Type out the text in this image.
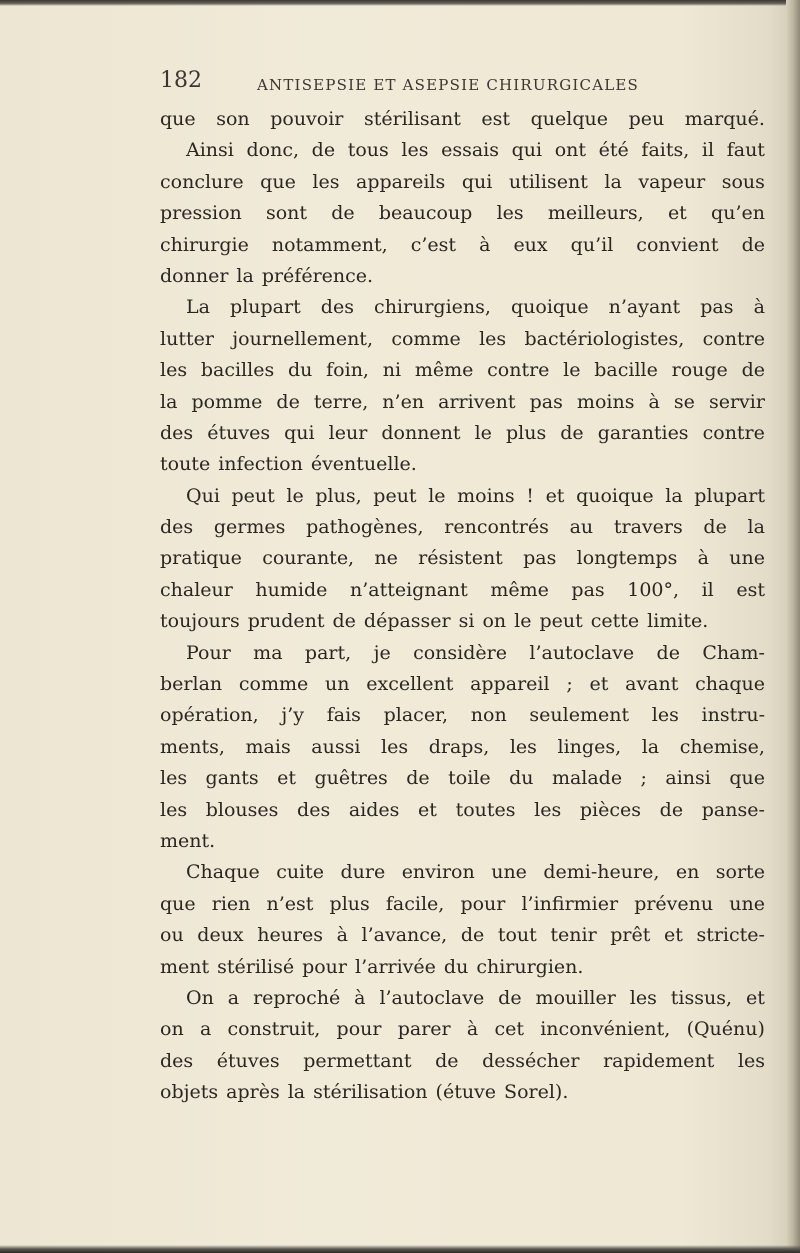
182	ANTISEPSIE ET ASEPSIE CHIRURGICALES
que son pouvoir stérilisant est quelque peu marqué.
Ainsi donc, de tous les essais qui ont été faits, il faut
conclure que les appareils qui utilisent la vapeur sous
pression sont de beaucoup les meilleurs, et qu’en
chirurgie notamment, c’est à eux qu’il convient de
donner la préférence.
La plupart des chirurgiens, quoique n’ayant pas à
lutter journellement, comme les bactériologistes, contre
les bacilles du foin, ni même contre le bacille rouge de
la pomme de terre, n’en arrivent pas moins à se servir
des étuves qui leur donnent le plus de garanties contre
toute infection éventuelle.
Qui peut le plus, peut le moins ! et quoique la plupart
des germes pathogènes, rencontrés au travers de la
pratique courante, ne résistent pas longtemps à une
chaleur humide n’atteignant même pas 100°, il est
toujours prudent de dépasser si on le peut cette limite.
Pour ma part, je considère l’autoclave de Cham-
berlan comme un excellent appareil ; et avant chaque
opération, j’y fais placer, non seulement les instru-
ments, mais aussi les draps, les linges, la chemise,
les gants et guêtres de toile du malade ; ainsi que
les blouses des aides et toutes les pièces de panse-
ment.
Chaque cuite dure environ une demi-heure, en sorte
que rien n’est plus facile, pour l’infirmier prévenu une
ou deux heures à l’avance, de tout tenir prêt et stricte-
ment stérilisé pour l’arrivée du chirurgien.
On a reproché à l’autoclave de mouiller les tissus, et
on a construit, pour parer à cet inconvénient, (Quénu)
des étuves permettant de dessécher rapidement les
objets après la stérilisation (étuve Sorel).
